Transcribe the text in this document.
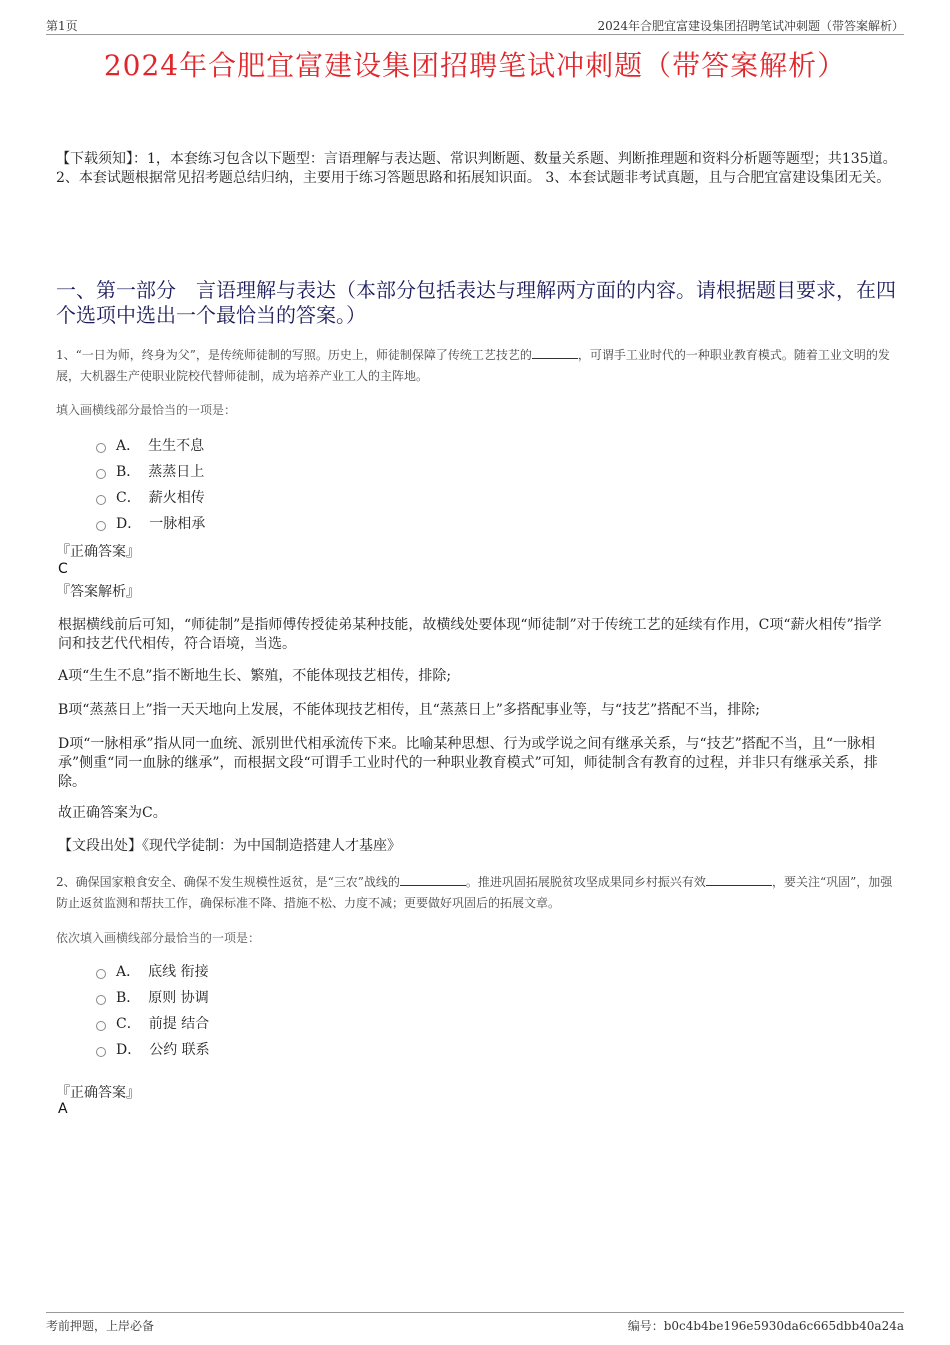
第1页	2024年合肥宜富建设集团招聘笔试冲刺题（带答案解析）
2024年合肥宜富建设集团招聘笔试冲刺题（带答案解析）
【下载须知】：1，本套练习包含以下题型：言语理解与表达题、常识判断题、数量关系题、判断推理题和资料分析题等题型；共135道。 2、本套试题根据常见招考题总结归纳，主要用于练习答题思路和拓展知识面。 3、本套试题非考试真题，且与合肥宜富建设集团无关。
一、第一部分　言语理解与表达（本部分包括表达与理解两方面的内容。请根据题目要求，在四个选项中选出一个最恰当的答案。）
1、“一日为师，终身为父”，是传统师徒制的写照。历史上，师徒制保障了传统工艺技艺的	，可谓手工业时代的一种职业教育模式。随着工业文明的发展，大机器生产使职业院校代替师徒制，成为培养产业工人的主阵地。
填入画横线部分最恰当的一项是：
A． 生生不息
B． 蒸蒸日上
C． 薪火相传
D． 一脉相承
『正确答案』
C
『答案解析』
根据横线前后可知，“师徒制”是指师傅传授徒弟某种技能，故横线处要体现“师徒制”对于传统工艺的延续有作用，C项“薪火相传”指学问和技艺代代相传，符合语境，当选。
A项“生生不息”指不断地生长、繁殖，不能体现技艺相传，排除;
B项“蒸蒸日上”指一天天地向上发展，不能体现技艺相传，且“蒸蒸日上”多搭配事业等，与“技艺”搭配不当，排除;
D项“一脉相承”指从同一血统、派别世代相承流传下来。比喻某种思想、行为或学说之间有继承关系，与“技艺”搭配不当，且“一脉相承”侧重“同一血脉的继承”，而根据文段“可谓手工业时代的一种职业教育模式”可知，师徒制含有教育的过程，并非只有继承关系，排除。
故正确答案为C。
【文段出处】《现代学徒制：为中国制造搭建人才基座》
2、确保国家粮食安全、确保不发生规模性返贫，是“三农”战线的	。推进巩固拓展脱贫攻坚成果同乡村振兴有效	，要关注“巩固”，加强防止返贫监测和帮扶工作，确保标准不降、措施不松、力度不减；更要做好巩固后的拓展文章。
依次填入画横线部分最恰当的一项是：
A． 底线 衔接
B． 原则 协调
C． 前提 结合
D． 公约 联系
『正确答案』
A
考前押题，上岸必备	编号：b0c4b4be196e5930da6c665dbb40a24a
